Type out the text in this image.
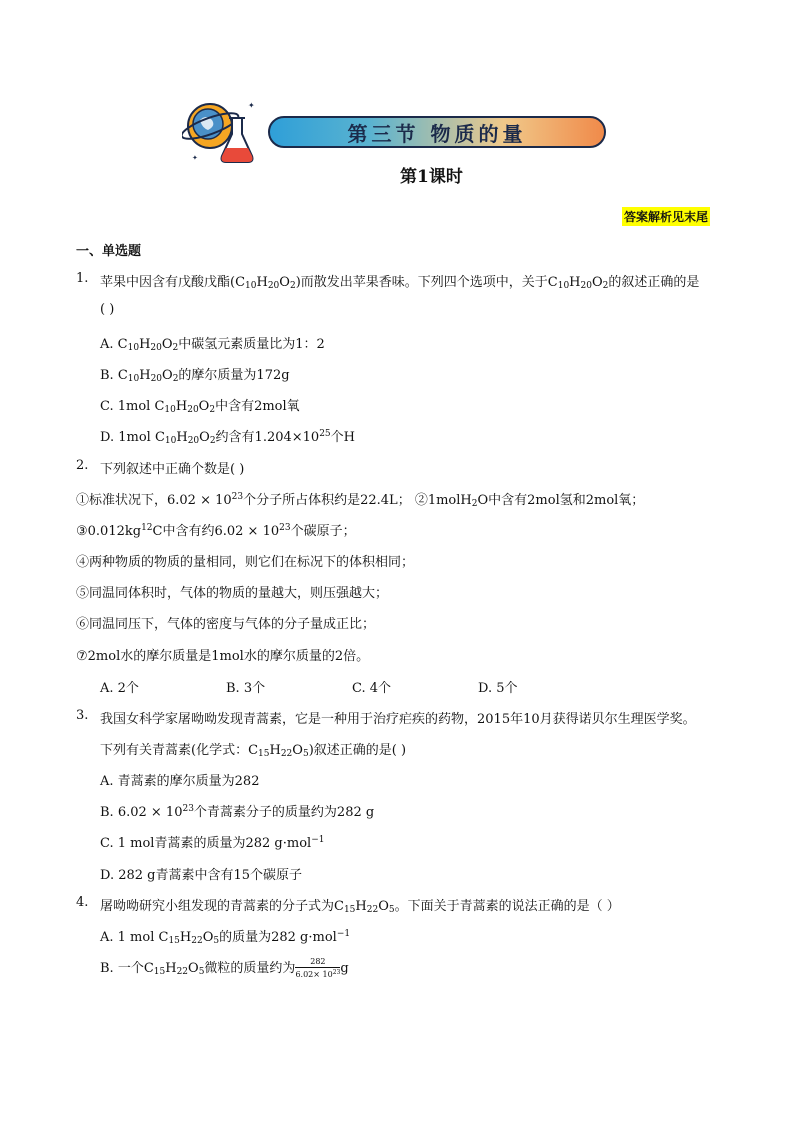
✦
✦
第三节 物质的量
第1课时
答案解析见末尾
一、单选题
1. 苹果中因含有戊酸戊酯$(C_{10}H_{20}O_2)$而散发出苹果香味。下列四个选项中，关于$C_{10}H_{20}O_2$的叙述正确的是
( )
A. $C_{10}H_{20}O_2$中碳氢元素质量比为1：2
B. $C_{10}H_{20}O_2$的摩尔质量为172g
C. 1mol $C_{10}H_{20}O_2$中含有2mol氧
D. 1mol $C_{10}H_{20}O_2$约含有$1.204\times 10^{25}$个H
2. 下列叙述中正确个数是( )
①标准状况下，$6.02 \times 10^{23}$个分子所占体积约是22.4L； ②1molH$_2$O中含有2mol氢和2mol氧；
$③0.012kg^{12}C$中含有约$6.02 \times 10^{23}$个碳原子；
④两种物质的物质的量相同，则它们在标况下的体积相同；
⑤同温同体积时，气体的物质的量越大，则压强越大；
⑥同温同压下，气体的密度与气体的分子量成正比；
⑦2mol水的摩尔质量是1mol水的摩尔质量的2倍。
A. 2个	B. 3个	C. 4个	D. 5个
3. 我国女科学家屠呦呦发现青蒿素，它是一种用于治疗疟疾的药物，2015年10月获得诺贝尔生理医学奖。
下列有关青蒿素(化学式：$C_{15}H_{22}O_5$)叙述正确的是( )
A. 青蒿素的摩尔质量为282
B. $6.02 \times 10^{23}$个青蒿素分子的质量约为282 g
C. 1 mol青蒿素的质量为282 g·mol$^{-1}$
D. 282 g青蒿素中含有15个碳原子
4. 屠呦呦研究小组发现的青蒿素的分子式为$C_{15}H_{22}O_5$。下面关于青蒿素的说法正确的是（ ）
A. 1 mol $C_{15}H_{22}O_5$的质量为282 g·mol$^{-1}$
B. 一个$C_{15}H_{22}O_5$微粒的质量约为 $\frac{282}{6.02\times 10^{23}}$ g
